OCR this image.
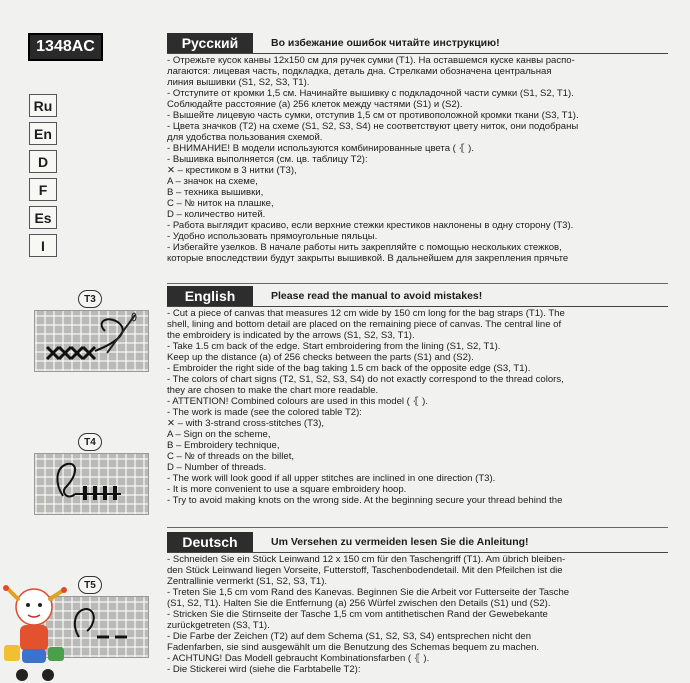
1348AC
Ru
En
D
F
Es
I
T3
T4
T5
Русский	Во избежание ошибок читайте инструкцию!
- Отрежьте кусок канвы 12х150 см для ручек сумки (T1). На оставшемся куске канвы распо-
лагаются: лицевая часть, подкладка, деталь дна. Стрелками обозначена центральная
линия вышивки (S1, S2, S3, T1).
- Отступите от кромки 1,5 см. Начинайте вышивку с подкладочной части сумки (S1, S2, T1).
Соблюдайте расстояние (a) 256 клеток между частями (S1) и (S2).
- Вышейте лицевую часть сумки, отступив 1,5 см от противоположной кромки ткани (S3, T1).
- Цвета значков (T2) на схеме (S1, S2, S3, S4) не соответствуют цвету ниток, они подобраны
для удобства пользования схемой.
- ВНИМАНИЕ! В модели используются комбинированные цвета ( ⦃ ).
- Вышивка выполняется (см. цв. таблицу T2):
✕ – крестиком в 3 нитки (T3),
A – значок на схеме,
B – техника вышивки,
C – № ниток на плашке,
D – количество нитей.
- Работа выглядит красиво, если верхние стежки крестиков наклонены в одну сторону (T3).
- Удобно использовать прямоугольные пяльцы.
- Избегайте узелков. В начале работы нить закрепляйте с помощью нескольких стежков,
которые впоследствии будут закрыты вышивкой. В дальнейшем для закрепления прячьте
English	Please read the manual to avoid mistakes!
- Cut a piece of canvas that measures 12 cm wide by 150 cm long for the bag straps (T1). The
shell, lining and bottom detail are placed on the remaining piece of canvas. The central line of
the embroidery is indicated by the arrows (S1, S2, S3, T1).
- Take 1.5 cm back of the edge. Start embroidering from the lining (S1, S2, T1).
Keep up the distance (a) of 256 checks between the parts (S1) and (S2).
- Embroider the right side of the bag taking 1.5 cm back of the opposite edge (S3, T1).
- The colors of chart signs (T2, S1, S2, S3, S4) do not exactly correspond to the thread colors,
they are chosen to make the chart more readable.
- ATTENTION! Combined colours are used in this model ( ⦃ ).
- The work is made (see the colored table T2):
✕ – with 3-strand cross-stitches (T3),
A – Sign on the scheme,
B – Embroidery technique,
C – № of threads on the billet,
D – Number of threads.
- The work will look good if all upper stitches are inclined in one direction (T3).
- It is more convenient to use a square embroidery hoop.
- Try to avoid making knots on the wrong side. At the beginning secure your thread behind the
Deutsch	Um Versehen zu vermeiden lesen Sie die Anleitung!
- Schneiden Sie ein Stück Leinwand 12 x 150 cm für den Taschengriff (T1). Am übrich bleiben-
den Stück Leinwand liegen Vorseite, Futterstoff, Taschenbodendetail. Mit den Pfeilchen ist die
Zentrallinie vermerkt (S1, S2, S3, T1).
- Treten Sie 1,5 cm vom Rand des Kanevas. Beginnen Sie die Arbeit vor Futterseite der Tasche
(S1, S2, T1). Halten Sie die Entfernung (a) 256 Würfel zwischen den Details (S1) und (S2).
- Stricken Sie die Stirnseite der Tasche 1,5 cm vom antithetischen Rand der Gewebekante
zurückgetreten (S3, T1).
- Die Farbe der Zeichen (T2) auf dem Schema (S1, S2, S3, S4) entsprechen nicht den
Fadenfarben, sie sind ausgewählt um die Benutzung des Schemas bequem zu machen.
- ACHTUNG! Das Modell gebraucht Kombinationsfarben ( ⦃ ).
- Die Stickerei wird (siehe die Farbtabelle T2):
